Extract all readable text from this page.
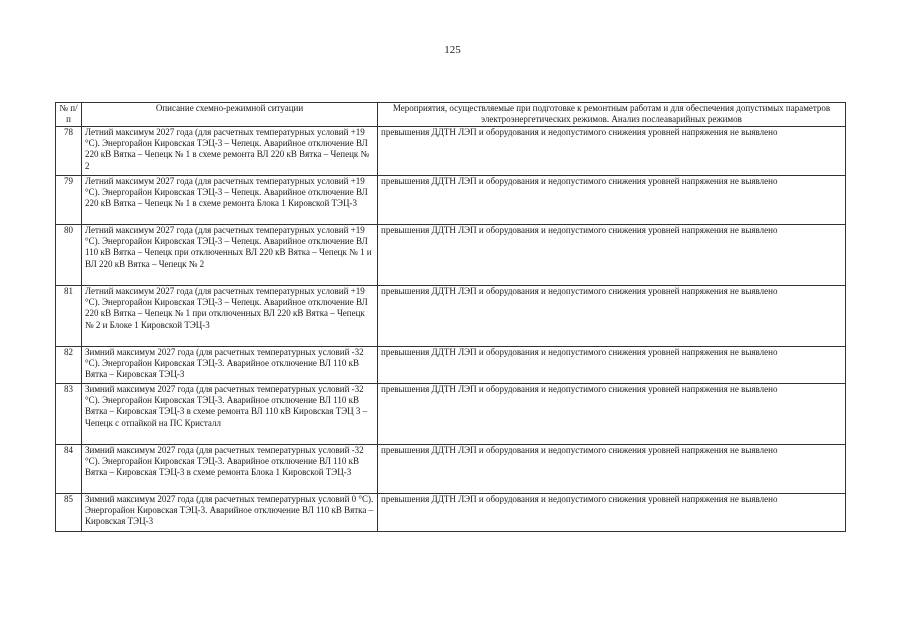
125
№ п/п	Описание схемно-режимной ситуации	Мероприятия, осуществляемые при подготовке к ремонтным работам и для обеспечения допустимых параметров электроэнергетических режимов. Анализ послеаварийных режимов
78	Летний максимум 2027 года (для расчетных температурных условий +19 °С). Энергорайон Кировская ТЭЦ-3 – Чепецк. Аварийное отключение ВЛ 220 кВ Вятка – Чепецк № 1 в схеме ремонта ВЛ 220 кВ Вятка – Чепецк № 2	превышения ДДТН ЛЭП и оборудования и недопустимого снижения уровней напряжения не выявлено
79	Летний максимум 2027 года (для расчетных температурных условий +19 °С). Энергорайон Кировская ТЭЦ-3 – Чепецк. Аварийное отключение ВЛ 220 кВ Вятка – Чепецк № 1 в схеме ремонта Блока 1 Кировской ТЭЦ-3	превышения ДДТН ЛЭП и оборудования и недопустимого снижения уровней напряжения не выявлено
80	Летний максимум 2027 года (для расчетных температурных условий +19 °С). Энергорайон Кировская ТЭЦ-3 – Чепецк. Аварийное отключение ВЛ 110 кВ Вятка – Чепецк при отключенных ВЛ 220 кВ Вятка – Чепецк № 1 и ВЛ 220 кВ Вятка – Чепецк № 2	превышения ДДТН ЛЭП и оборудования и недопустимого снижения уровней напряжения не выявлено
81	Летний максимум 2027 года (для расчетных температурных условий +19 °С). Энергорайон Кировская ТЭЦ-3 – Чепецк. Аварийное отключение ВЛ 220 кВ Вятка – Чепецк № 1 при отключенных ВЛ 220 кВ Вятка – Чепецк № 2 и Блоке 1 Кировской ТЭЦ-3	превышения ДДТН ЛЭП и оборудования и недопустимого снижения уровней напряжения не выявлено
82	Зимний максимум 2027 года (для расчетных температурных условий -32 °С). Энергорайон Кировская ТЭЦ-3. Аварийное отключение ВЛ 110 кВ Вятка – Кировская ТЭЦ-3	превышения ДДТН ЛЭП и оборудования и недопустимого снижения уровней напряжения не выявлено
83	Зимний максимум 2027 года (для расчетных температурных условий -32 °С). Энергорайон Кировская ТЭЦ-3. Аварийное отключение ВЛ 110 кВ Вятка – Кировская ТЭЦ-3 в схеме ремонта ВЛ 110 кВ Кировская ТЭЦ 3 – Чепецк с отпайкой на ПС Кристалл	превышения ДДТН ЛЭП и оборудования и недопустимого снижения уровней напряжения не выявлено
84	Зимний максимум 2027 года (для расчетных температурных условий -32 °С). Энергорайон Кировская ТЭЦ-3. Аварийное отключение ВЛ 110 кВ Вятка – Кировская ТЭЦ-3 в схеме ремонта Блока 1 Кировской ТЭЦ-3	превышения ДДТН ЛЭП и оборудования и недопустимого снижения уровней напряжения не выявлено
85	Зимний максимум 2027 года (для расчетных температурных условий 0 °С). Энергорайон Кировская ТЭЦ-3. Аварийное отключение ВЛ 110 кВ Вятка – Кировская ТЭЦ-3	превышения ДДТН ЛЭП и оборудования и недопустимого снижения уровней напряжения не выявлено
